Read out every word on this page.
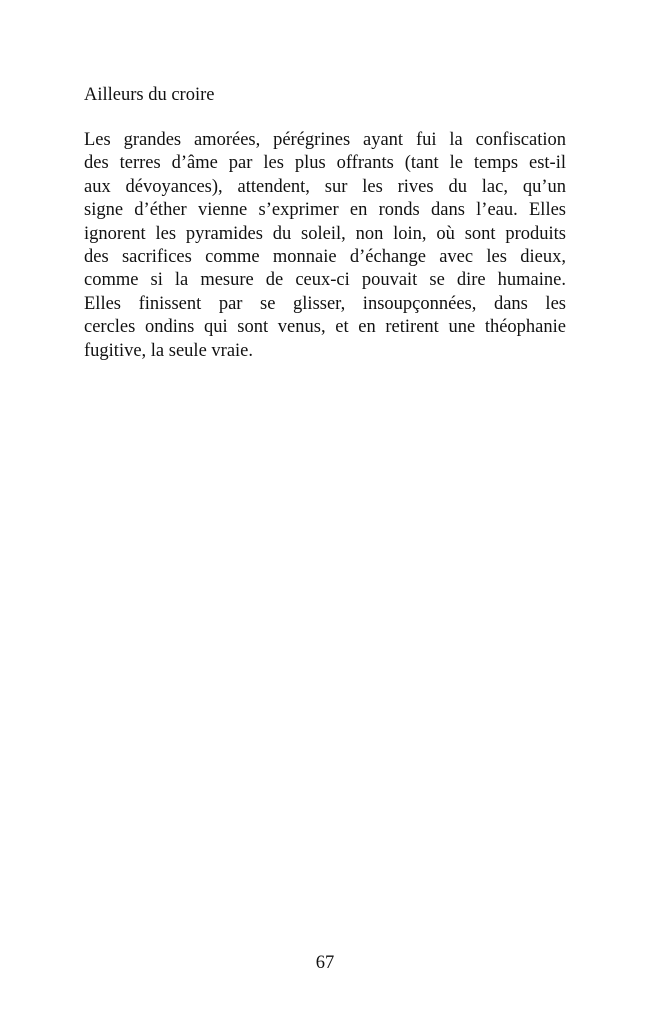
Ailleurs du croire
Les grandes amorées, pérégrines ayant fui la confiscation
des terres d’âme par les plus offrants (tant le temps est-il
aux dévoyances), attendent, sur les rives du lac, qu’un
signe d’éther vienne s’exprimer en ronds dans l’eau. Elles
ignorent les pyramides du soleil, non loin, où sont produits
des sacrifices comme monnaie d’échange avec les dieux,
comme si la mesure de ceux-ci pouvait se dire humaine.
Elles finissent par se glisser, insoupçonnées, dans les
cercles ondins qui sont venus, et en retirent une théophanie
fugitive, la seule vraie.
67
